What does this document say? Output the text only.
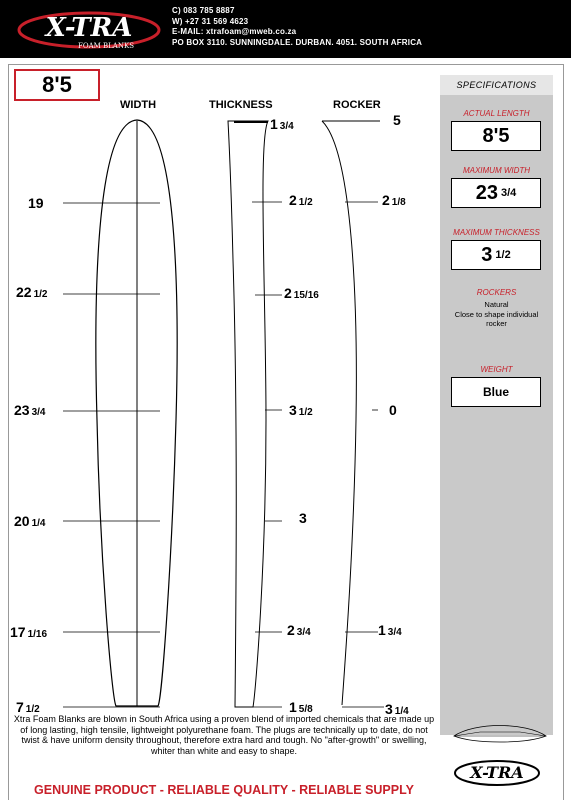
X-TRA
FOAM BLANKS
C) 083 785 8887
W) +27 31 569 4623
E-MAIL: xtrafoam@mweb.co.za
PO BOX 3110. SUNNINGDALE. DURBAN. 4051. SOUTH AFRICA
8'5
WIDTH	THICKNESS	ROCKER
19
22 1/2
23 3/4
20 1/4
17 1/16
7 1/2
1 3/4
2 1/2
2 15/16
3 1/2
3
2 3/4
1 5/8
5
2 1/8
0
1 3/4
3 1/4
SPECIFICATIONS
ACTUAL LENGTH
8'5
MAXIMUM WIDTH
23 3/4
MAXIMUM THICKNESS
3 1/2
ROCKERS
Natural
Close to shape individual rocker
WEIGHT
Blue
X-TRA
Xtra Foam Blanks are blown in South Africa using a proven blend of imported chemicals that are made up of long lasting, high tensile, lightweight polyurethane foam. The plugs are technically up to date, do not twist & have uniform density throughout, therefore extra hard and tough. No "after-growth" or swelling, whiter than white and easy to shape.
GENUINE PRODUCT - RELIABLE QUALITY - RELIABLE SUPPLY
